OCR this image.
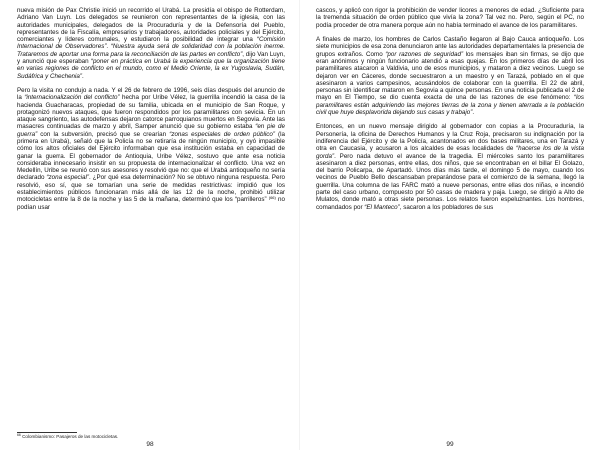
nueva misión de Pax Christie inició un recorrido el Urabá. La presidía el obispo de Rotterdam, Adriano Van Luyn. Los delegados se reunieron con representantes de la iglesia, con las autoridades municipales, delegados de la Procuraduría y de la Defensoría del Pueblo, representantes de la Fiscalía, empresarios y trabajadores, autoridades policiales y del Ejército, comerciantes y líderes comunales, y estudiaron la posibilidad de integrar una “Comisión Internacional de Observadores”. “Nuestra ayuda será de solidaridad con la población inerme. Trataremos de aportar una forma para la reconciliación de las partes en conflicto”, dijo Van Luyn, y anunció que esperaban “poner en práctica en Urabá la experiencia que la organización tiene en varias regiones de conflicto en el mundo, como el Medio Oriente, la ex Yugoslavia, Sudán, Sudáfrica y Chechenia”.

Pero la visita no condujo a nada. Y el 26 de febrero de 1996, seis días después del anuncio de la “internacionalización del conflicto” hecha por Uribe Vélez, la guerrilla incendió la casa de la hacienda Guacharacas, propiedad de su familia, ubicada en el municipio de San Roque, y protagonizó nuevos ataques, que fueron respondidos por los paramilitares con sevicia. En un ataque sangriento, las autodefensas dejaron catorce parroquianos muertos en Segovia. Ante las masacres continuadas de marzo y abril, Samper anunció que su gobierno estaba “en pie de guerra” con la subversión, precisó que se crearían “zonas especiales de orden público” (la primera en Urabá), señaló que la Policía no se retiraría de ningún municipio, y oyó impasible cómo los altos oficiales del Ejército informaban que esa institución estaba en capacidad de ganar la guerra. El gobernador de Antioquia, Uribe Vélez, sostuvo que ante esa noticia consideraba innecesario insistir en su propuesta de internacionalizar el conflicto. Una vez en Medellín, Uribe se reunió con sus asesores y resolvió que no: que el Urabá antioqueño no sería declarado “zona especial”. ¿Por qué esa determinación? No se obtuvo ninguna respuesta. Pero resolvió, eso sí, que se tomarían una serie de medidas restrictivas: impidió que los establecimientos públicos funcionaran más allá de las 12 de la noche, prohibió utilizar motocicletas entre la 8 de la noche y las 5 de la mañana, determinó que los “parrilleros” $^{(66)}$ no podían usar

$^{66}$ Colombianismo: Pasajeros de las motocicletas.
98

cascos, y aplicó con rigor la prohibición de vender licores a menores de edad. ¿Suficiente para la tremenda situación de orden público que vivía la zona? Tal vez no. Pero, según el PC, no podía proceder de otra manera porque aún no había terminado el avance de los paramilitares.

A finales de marzo, los hombres de Carlos Castaño llegaron al Bajo Cauca antioqueño. Los siete municipios de esa zona denunciaron ante las autoridades departamentales la presencia de grupos extraños. Como “por razones de seguridad” los mensajes iban sin firmas, se dijo que eran anónimos y ningún funcionario atendió a esas quejas. En los primeros días de abril los paramilitares atacaron a Valdivia, uno de esos municipios, y mataron a diez vecinos. Luego se dejaron ver en Cáceres, donde secuestraron a un maestro y en Tarazá, poblado en el que asesinaron a varios campesinos, acusándolos de colaborar con la guerrilla. El 22 de abril, personas sin identificar mataron en Segovia a quince personas. En una noticia publicada el 2 de mayo en El Tiempo, se dio cuenta exacta de una de las razones de ese fenómeno: “los paramilitares están adquiriendo las mejores tierras de la zona y tienen aterrada a la población civil que huye desplavorida dejando sus casas y trabajo”.

Entonces, en un nuevo mensaje dirigido al gobernador con copias a la Procuraduría, la Personería, la oficina de Derechos Humanos y la Cruz Roja, precisaron su indignación por la indiferencia del Ejército y de la Policía, acantonados en dos bases militares, una en Tarazá y otra en Caucasia, y acusaron a los alcaldes de esas localidades de “hacerse los de la vista gorda”. Pero nada detuvo el avance de la tragedia. El miércoles santo los paramilitares asesinaron a diez personas, entre ellas, dos niños, que se encontraban en el billar El Golazo, del barrio Policarpa, de Apartadó. Unos días más tarde, el domingo 5 de mayo, cuando los vecinos de Pueblo Bello descansaban preparándose para el comienzo de la semana, llegó la guerrilla. Una columna de las FARC mató a nueve personas, entre ellas dos niñas, e incendió parte del caso urbano, compuesto por 50 casas de madera y paja. Luego, se dirigió a Alto de Mulatos, donde mató a otras siete personas. Los relatos fueron espeluznantes. Los hombres, comandados por “El Manteco”, sacaron a los pobladores de sus

99
